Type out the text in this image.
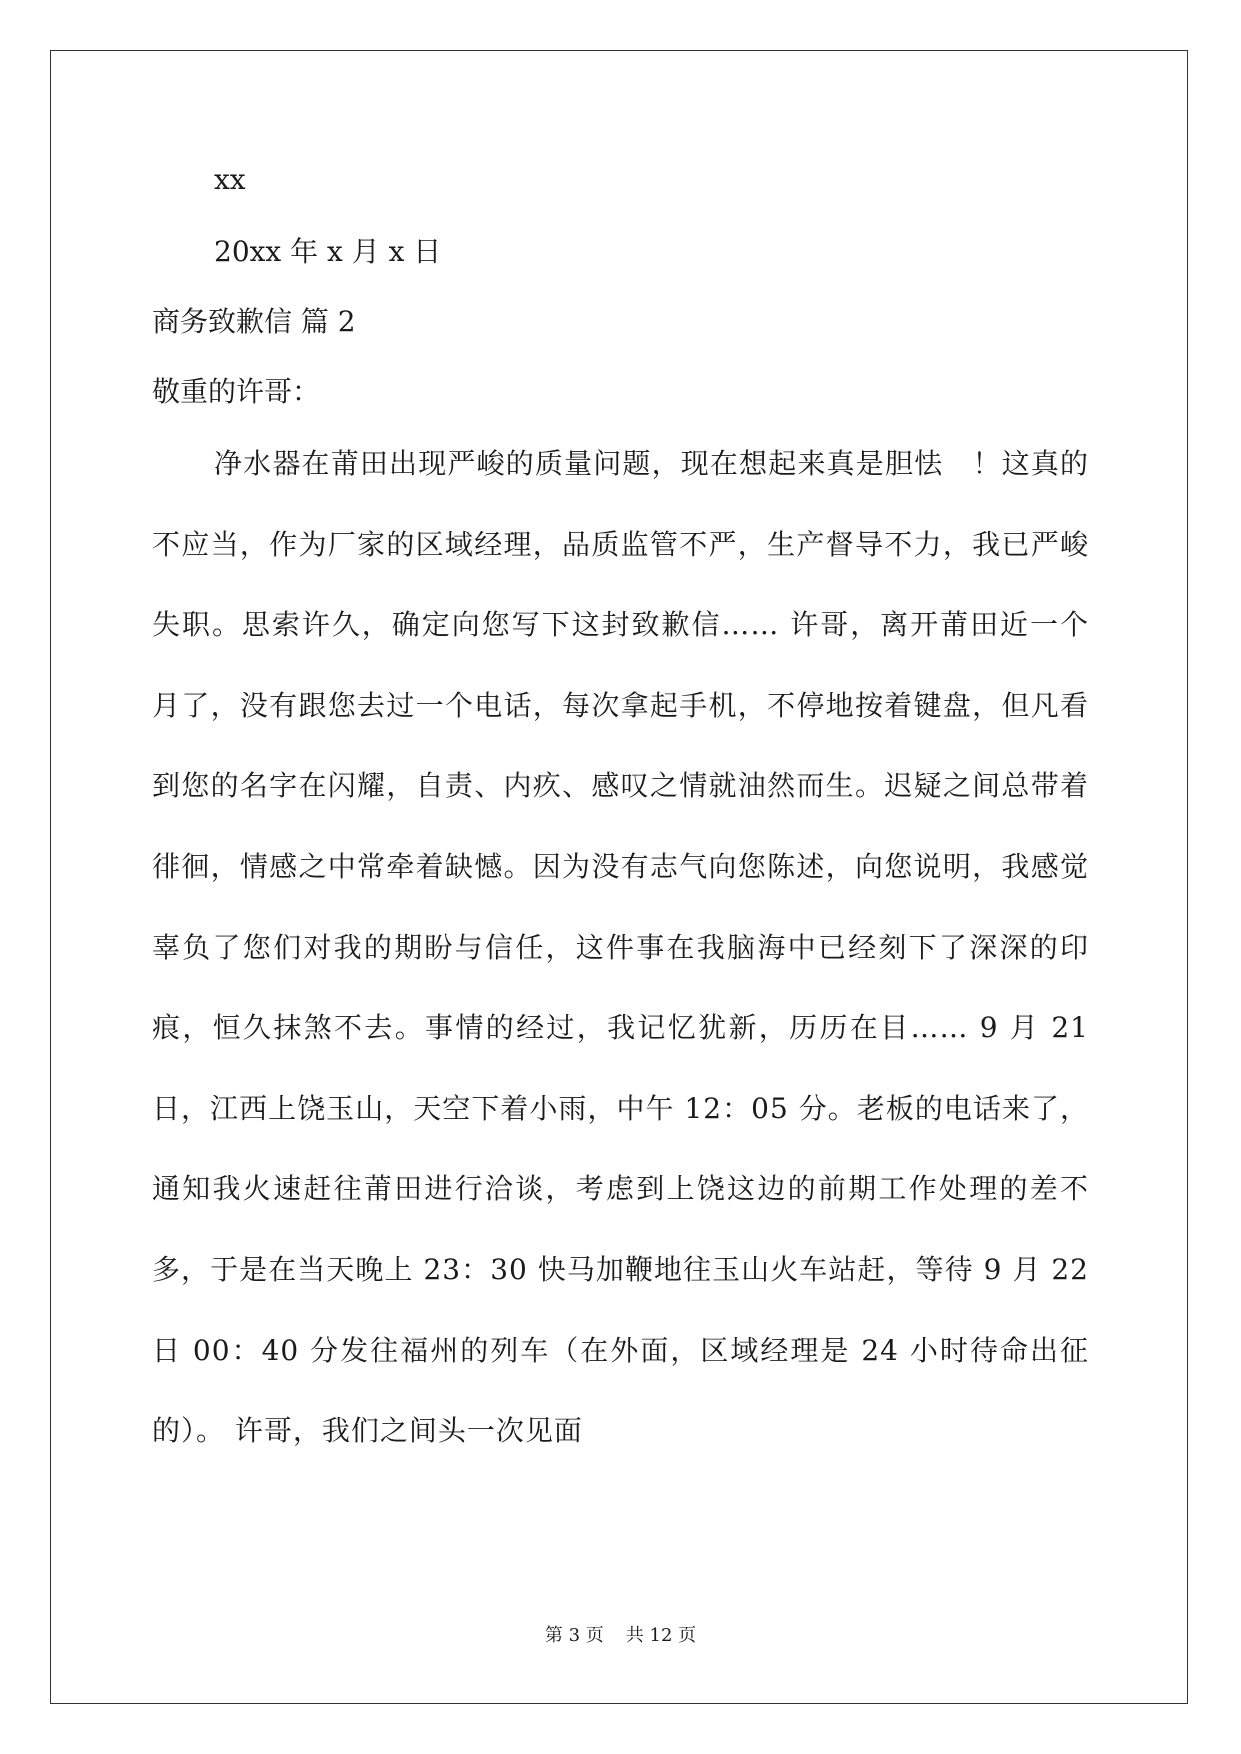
xx
20xx 年 x 月 x 日
商务致歉信 篇 2
敬重的许哥：
净水器在莆田出现严峻的质量问题，现在想起来真是胆怯　！这真的不应当，作为厂家的区域经理，品质监管不严，生产督导不力，我已严峻失职。思索许久，确定向您写下这封致歉信…… 许哥，离开莆田近一个月了，没有跟您去过一个电话，每次拿起手机，不停地按着键盘，但凡看到您的名字在闪耀，自责、内疚、感叹之情就油然而生。迟疑之间总带着徘徊，情感之中常牵着缺憾。因为没有志气向您陈述，向您说明，我感觉辜负了您们对我的期盼与信任，这件事在我脑海中已经刻下了深深的印痕，恒久抹煞不去。事情的经过，我记忆犹新，历历在目…… 9 月 21 日，江西上饶玉山，天空下着小雨，中午 12：05 分。老板的电话来了，通知我火速赶往莆田进行洽谈，考虑到上饶这边的前期工作处理的差不多，于是在当天晚上 23：30 快马加鞭地往玉山火车站赶，等待 9 月 22 日 00：40 分发往福州的列车（在外面，区域经理是 24 小时待命出征的）。 许哥，我们之间头一次见面
第 3 页 共 12 页
